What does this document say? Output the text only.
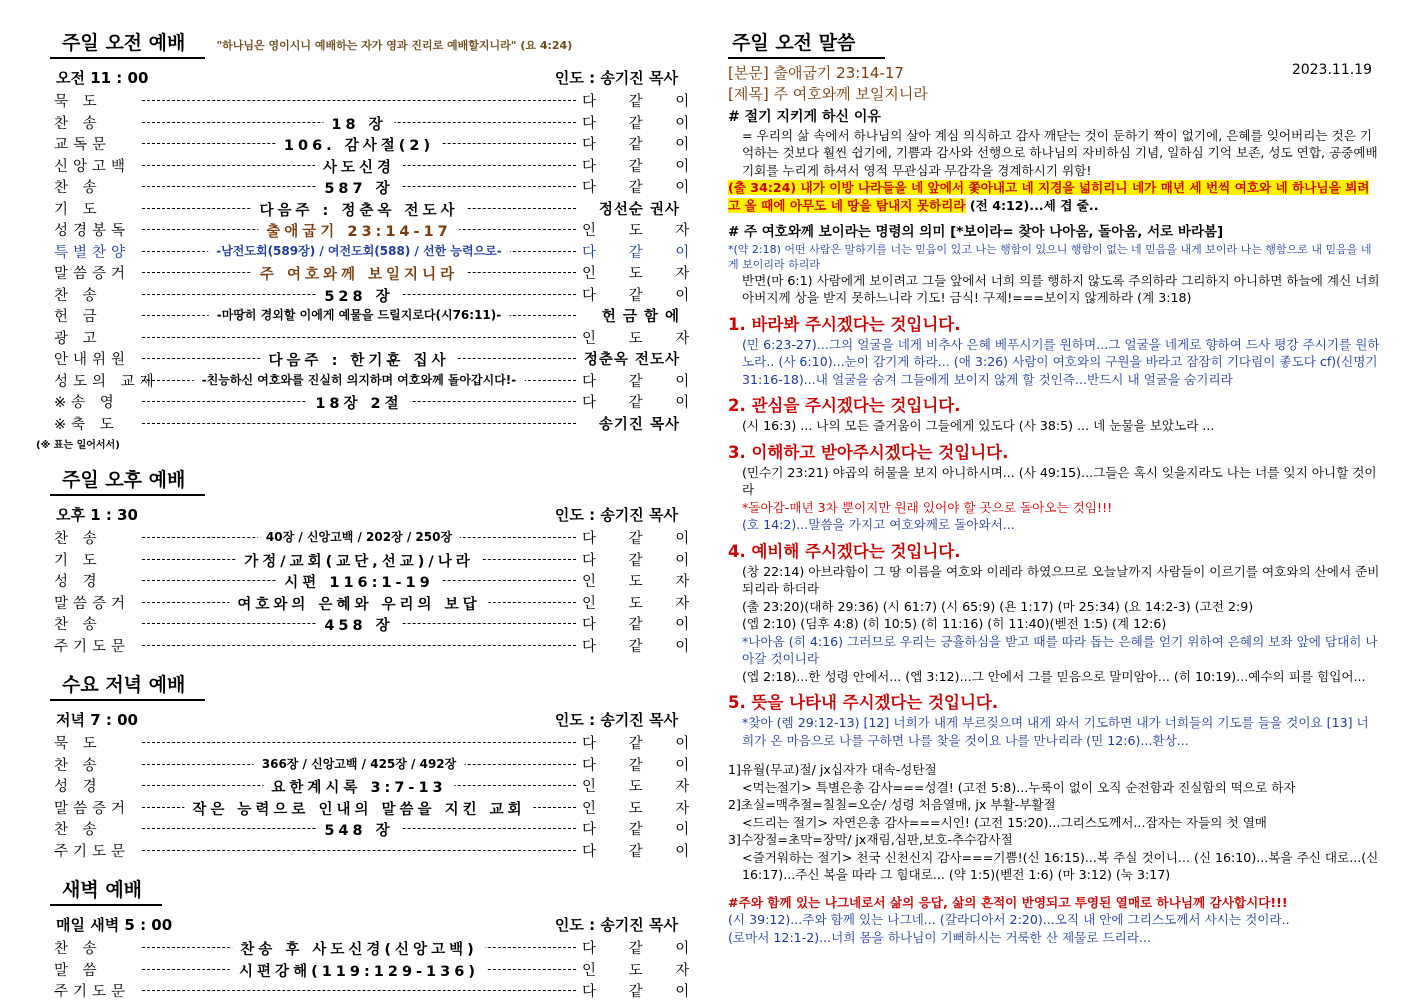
주일 오전 예배	"하나님은 영이시니 예배하는 자가 영과 진리로 예배할지니라" (요 4:24)
오전 11 : 00	인도 : 송기진 목사
묵 도	다 같 이
찬 송	18 장	다 같 이
교독문	106. 감사절(2)	다 같 이
신앙고백	사도신경	다 같 이
찬 송	587 장	다 같 이
기 도	다음주 : 정춘옥 전도사	정선순 권사
성경봉독	출애굽기 23:14-17	인 도 자
특별찬양	-남전도회(589장) / 여전도회(588) / 선한 능력으로-	다 같 이
말씀증거	주 여호와께 보일지니라	인 도 자
찬 송	528 장	다 같 이
헌 금	-마땅히 경외할 이에게 예물을 드릴지로다(시76:11)-	헌 금 함 에
광 고	인 도 자
안내위원	다음주 : 한기훈 집사	정춘옥 전도사
성도의 교제	-친능하신 여호와를 진실히 의지하며 여호와께 돌아갑시다!-	다 같 이
※송 영	18장 2절	다 같 이
※축 도	송기진 목사
(※ 표는 일어서서)
주일 오후 예배
오후 1 : 30	인도 : 송기진 목사
찬 송	40장 / 신앙고백 / 202장 / 250장	다 같 이
기 도	가정/교회(교단,선교)/나라	다 같 이
성 경	시편 116:1-19	인 도 자
말씀증거	여호와의 은혜와 우리의 보답	인 도 자
찬 송	458 장	다 같 이
주기도문	다 같 이
수요 저녁 예배
저녁 7 : 00	인도 : 송기진 목사
묵 도	다 같 이
찬 송	366장 / 신앙고백 / 425장 / 492장	다 같 이
성 경	요한계시록 3:7-13	인 도 자
말씀증거	작은 능력으로 인내의 말씀을 지킨 교회	인 도 자
찬 송	548 장	다 같 이
주기도문	다 같 이
새벽 예배
매일 새벽 5 : 00	인도 : 송기진 목사
찬 송	찬송 후 사도신경(신앙고백)	다 같 이
말 씀	시편강해(119:129-136)	인 도 자
주기도문	다 같 이
주일 오전 말씀
[본문] 출애굽기 23:14-17
[제목] 주 여호와께 보일지니라
2023.11.19

# 절기 지키게 하신 이유

= 우리의 삶 속에서 하나님의 살아 계심 의식하고 감사 깨닫는 것이 둔하기 짝이 없기에, 은혜를 잊어버리는 것은 기억하는 것보다 훨씬 쉽기에, 기쁨과 감사와 선행으로 하나님의 자비하심 기념, 일하심 기억 보존, 성도 연합, 공중예배 기회를 누리게 하셔서 영적 무관심과 무감각을 경계하시기 위함!

(출 34:24) 내가 이방 나라들을 네 앞에서 쫓아내고 네 지경을 넓히리니 네가 매년 세 번씩 여호와 네 하나님을 뵈려고 올 때에 아무도 네 땅을 탐내지 못하리라 (전 4:12)...세 겹 줄..

# 주 여호와께 보이라는 명령의 의미 [*보이라= 찾아 나아옴, 돌아옴, 서로 바라봄]

*(약 2:18) 어떤 사람은 말하기를 너는 믿음이 있고 나는 행함이 있으니 행함이 없는 네 믿음을 내게 보이라 나는 행함으로 내 믿음을 네게 보이리라 하리라

반면(마 6:1) 사람에게 보이려고 그들 앞에서 너희 의를 행하지 않도록 주의하라 그리하지 아니하면 하늘에 계신 너희 아버지께 상을 받지 못하느니라 기도! 금식! 구제!===보이지 않게하라 (계 3:18)

1. 바라봐 주시겠다는 것입니다.

(민 6:23-27)...그의 얼굴을 네게 비추사 은혜 베푸시기를 원하며...그 얼굴을 네게로 향하여 드사 평강 주시기를 원하노라.. (사 6:10)...눈이 감기게 하라... (애 3:26) 사람이 여호와의 구원을 바라고 잠잠히 기다림이 좋도다 cf)(신명기 31:16-18)...내 얼굴을 숨겨 그들에게 보이지 않게 할 것인즉...반드시 내 얼굴을 숨기리라

2. 관심을 주시겠다는 것입니다.

(시 16:3) ... 나의 모든 즐거움이 그들에게 있도다 (사 38:5) ... 네 눈물을 보았노라 ...

3. 이해하고 받아주시겠다는 것입니다.

(민수기 23:21) 야곱의 허물을 보지 아니하시며... (사 49:15)...그들은 혹시 잊을지라도 나는 너를 잊지 아니할 것이라

*돌아감-매년 3차 뿐이지만 원래 있어야 할 곳으로 돌아오는 것임!!!

(호 14:2)...말씀을 가지고 여호와께로 돌아와서...

4. 예비해 주시겠다는 것입니다.

(창 22:14) 아브라함이 그 땅 이름을 여호와 이레라 하였으므로 오늘날까지 사람들이 이르기를 여호와의 산에서 준비되리라 하더라

(출 23:20)(대하 29:36) (시 61:7) (시 65:9) (욘 1:17) (마 25:34) (요 14:2-3) (고전 2:9)

(엡 2:10) (딤후 4:8) (히 10:5) (히 11:16) (히 11:40)(벧전 1:5) (계 12:6)

*나아옴 (히 4:16) 그러므로 우리는 긍휼하심을 받고 때를 따라 돕는 은혜를 얻기 위하여 은혜의 보좌 앞에 담대히 나아갈 것이니라

(엡 2:18)...한 성령 안에서... (엡 3:12)...그 안에서 그를 믿음으로 말미암아... (히 10:19)...예수의 피를 힘입어...

5. 뜻을 나타내 주시겠다는 것입니다.

*찾아 (렘 29:12-13) [12] 너희가 내게 부르짖으며 내게 와서 기도하면 내가 너희들의 기도를 들을 것이요 [13] 너희가 온 마음으로 나를 구하면 나를 찾을 것이요 나를 만나리라 (민 12:6)...환상...

1]유월(무교)절/ jx십자가 대속-성탄절

<먹는절기> 특별은총 감사===성결! (고전 5:8)...누룩이 없이 오직 순전함과 진실함의 떡으로 하자

2]초실=맥추절=칠칠=오순/ 성령 처음열매, jx 부활-부활절

<드리는 절기> 자연은총 감사===시인! (고전 15:20)...그리스도께서...잠자는 자들의 첫 열매

3]수장절=초막=장막/ jx재림,심판,보호-추수감사절

<즐거워하는 절기> 천국 신천신지 감사===기쁨!(신 16:15)...복 주실 것이니... (신 16:10)...복을 주신 대로...(신 16:17)...주신 복을 따라 그 힘대로... (약 1:5)(벧전 1:6) (마 3:12) (눅 3:17)

#주와 함께 있는 나그네로서 삶의 응답, 삶의 흔적이 반영되고 투영된 열매로 하나님께 감사합시다!!!

(시 39:12)...주와 함께 있는 나그네... (갈라디아서 2:20)...오직 내 안에 그리스도께서 사시는 것이라..

(로마서 12:1-2)...너희 몸을 하나님이 기뻐하시는 거룩한 산 제물로 드리라...
